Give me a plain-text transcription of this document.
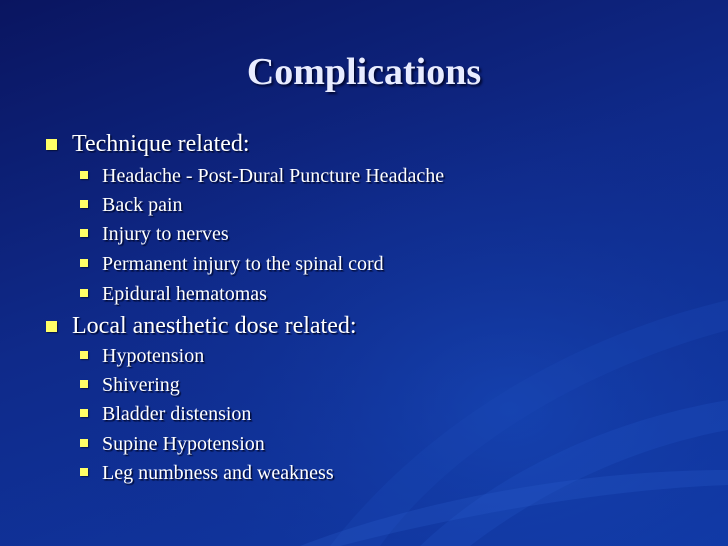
Complications
Technique related:
Headache - Post-Dural Puncture Headache
Back pain
Injury to nerves
Permanent injury to the spinal cord
Epidural hematomas
Local anesthetic dose related:
Hypotension
Shivering
Bladder distension
Supine Hypotension
Leg numbness and weakness
